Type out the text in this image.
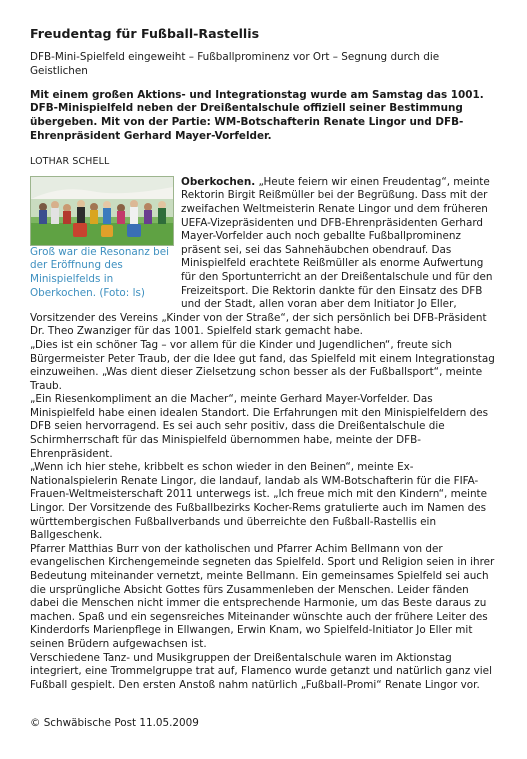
Freudentag für Fußball-Rastellis

DFB-Mini-Spielfeld eingeweiht – Fußballprominenz vor Ort – Segnung durch die Geistlichen

Mit einem großen Aktions- und Integrationstag wurde am Samstag das 1001. DFB-Minispielfeld neben der Dreißentalschule offiziell seiner Bestimmung übergeben. Mit von der Partie: WM-Botschafterin Renate Lingor und DFB-Ehrenpräsident Gerhard Mayer-Vorfelder.

LOTHAR SCHELL

Groß war die Resonanz bei der Eröffnung des Minispielfelds in Oberkochen. (Foto: ls)

Oberkochen. „Heute feiern wir einen Freudentag“, meinte Rektorin Birgit Reißmüller bei der Begrüßung. Dass mit der zweifachen Weltmeisterin Renate Lingor und dem früheren UEFA-Vizepräsidenten und DFB-Ehrenpräsidenten Gerhard Mayer-Vorfelder auch noch geballte Fußballprominenz präsent sei, sei das Sahnehäubchen obendrauf. Das Minispielfeld erachtete Reißmüller als enorme Aufwertung für den Sportunterricht an der Dreißentalschule und für den Freizeitsport. Die Rektorin dankte für den Einsatz des DFB und der Stadt, allen voran aber dem Initiator Jo Eller, Vorsitzender des Vereins „Kinder von der Straße“, der sich persönlich bei DFB-Präsident Dr. Theo Zwanziger für das 1001. Spielfeld stark gemacht habe.

„Dies ist ein schöner Tag – vor allem für die Kinder und Jugendlichen“, freute sich Bürgermeister Peter Traub, der die Idee gut fand, das Spielfeld mit einem Integrationstag einzuweihen. „Was dient dieser Zielsetzung schon besser als der Fußballsport“, meinte Traub.

„Ein Riesenkompliment an die Macher“, meinte Gerhard Mayer-Vorfelder. Das Minispielfeld habe einen idealen Standort. Die Erfahrungen mit den Minispielfeldern des DFB seien hervorragend. Es sei auch sehr positiv, dass die Dreißentalschule die Schirmherrschaft für das Minispielfeld übernommen habe, meinte der DFB-Ehrenpräsident.

„Wenn ich hier stehe, kribbelt es schon wieder in den Beinen“, meinte Ex-Nationalspielerin Renate Lingor, die landauf, landab als WM-Botschafterin für die FIFA-Frauen-Weltmeisterschaft 2011 unterwegs ist. „Ich freue mich mit den Kindern“, meinte Lingor. Der Vorsitzende des Fußballbezirks Kocher-Rems gratulierte auch im Namen des württembergischen Fußballverbands und überreichte den Fußball-Rastellis ein Ballgeschenk.

Pfarrer Matthias Burr von der katholischen und Pfarrer Achim Bellmann von der evangelischen Kirchengemeinde segneten das Spielfeld. Sport und Religion seien in ihrer Bedeutung miteinander vernetzt, meinte Bellmann. Ein gemeinsames Spielfeld sei auch die ursprüngliche Absicht Gottes fürs Zusammenleben der Menschen. Leider fänden dabei die Menschen nicht immer die entsprechende Harmonie, um das Beste daraus zu machen. Spaß und ein segensreiches Miteinander wünschte auch der frühere Leiter des Kinderdorfs Marienpflege in Ellwangen, Erwin Knam, wo Spielfeld-Initiator Jo Eller mit seinen Brüdern aufgewachsen ist.

Verschiedene Tanz- und Musikgruppen der Dreißentalschule waren im Aktionstag integriert, eine Trommelgruppe trat auf, Flamenco wurde getanzt und natürlich ganz viel Fußball gespielt. Den ersten Anstoß nahm natürlich „Fußball-Promi“ Renate Lingor vor.

© Schwäbische Post 11.05.2009
